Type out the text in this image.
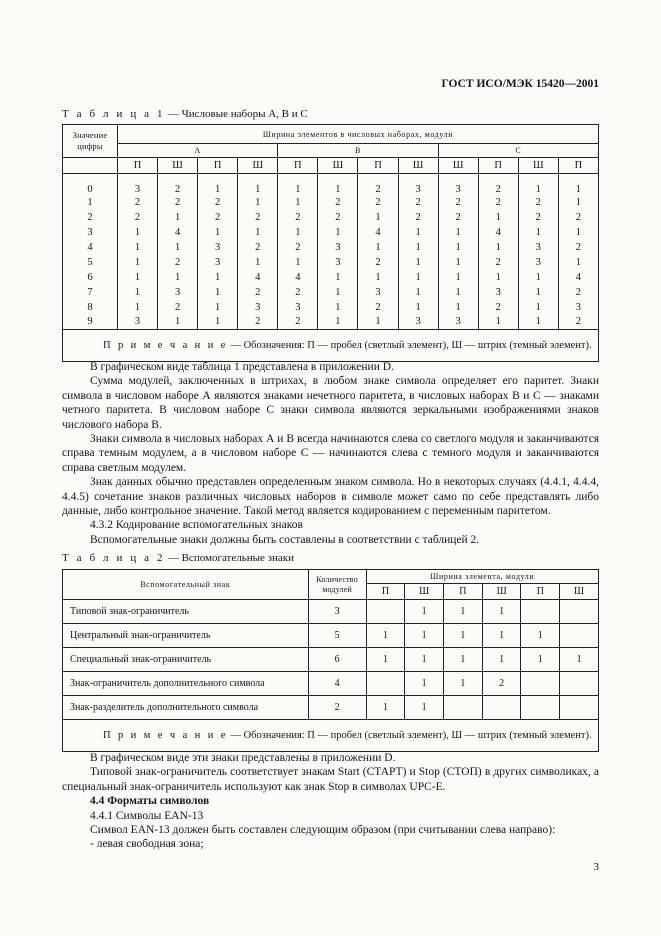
ГОСТ ИСО/МЭК 15420—2001
Т а б л и ц а 1 — Числовые наборы А, В и С
Значение цифры	Ширина элементов в числовых наборах, модули											
	А				В				С			
	П	Ш	П	Ш	П	Ш	П	Ш	Ш	П	Ш	П
0	3	2	1	1	1	1	2	3	3	2	1	1
1	2	2	2	1	1	2	2	2	2	2	2	1
2	2	1	2	2	2	2	1	2	2	1	2	2
3	1	4	1	1	1	1	4	1	1	4	1	1
4	1	1	3	2	2	3	1	1	1	1	3	2
5	1	2	3	1	1	3	2	1	1	2	3	1
6	1	1	1	4	4	1	1	1	1	1	1	4
7	1	3	1	2	2	1	3	1	1	3	1	2
8	1	2	1	3	3	1	2	1	1	2	1	3
9	3	1	1	2	2	1	1	3	3	1	1	2
П р и м е ч а н и е — Обозначения: П — пробел (светлый элемент), Ш — штрих (темный элемент).												

В графическом виде таблица 1 представлена в приложении D.

Сумма модулей, заключенных в штрихах, в любом знаке символа определяет его паритет. Знаки символа в числовом наборе А являются знаками нечетного паритета, в числовых наборах В и С — знаками четного паритета. В числовом наборе С знаки символа являются зеркальными изображениями знаков числового набора В.

Знаки символа в числовых наборах А и В всегда начинаются слева со светлого модуля и заканчиваются справа темным модулем, а в числовом наборе С — начинаются слева с темного модуля и заканчиваются справа светлым модулем.

Знак данных обычно представлен определенным знаком символа. Но в некоторых случаях (4.4.1, 4.4.4, 4.4.5) сочетание знаков различных числовых наборов в символе может само по себе представлять либо данные, либо контрольное значение. Такой метод является кодированием с переменным паритетом.

4.3.2 Кодирование вспомогательных знаков

Вспомогательные знаки должны быть составлены в соответствии с таблицей 2.

Т а б л и ц а 2 — Вспомогательные знаки
Вспомогательный знак	Количество модулей	Ширина элемента, модули					
		П	Ш	П	Ш	П	Ш
Типовой знак-ограничитель	3		1	1	1		
Центральный знак-ограничитель	5	1	1	1	1	1	
Специальный знак-ограничитель	6	1	1	1	1	1	1
Знак-ограничитель дополнительного символа	4		1	1	2		
Знак-разделитель дополнительного символа	2	1	1				
П р и м е ч а н и е — Обозначения: П — пробел (светлый элемент), Ш — штрих (темный элемент).							

В графическом виде эти знаки представлены в приложении D.

Типовой знак-ограничитель соответствует знакам Start (СТАРТ) и Stop (СТОП) в других символиках, а специальный знак-ограничитель используют как знак Stop в символах UPC-E.

4.4 Форматы символов

4.4.1 Символы EAN-13

Символ EAN-13 должен быть составлен следующим образом (при считывании слева направо):

- левая свободная зона;

3
